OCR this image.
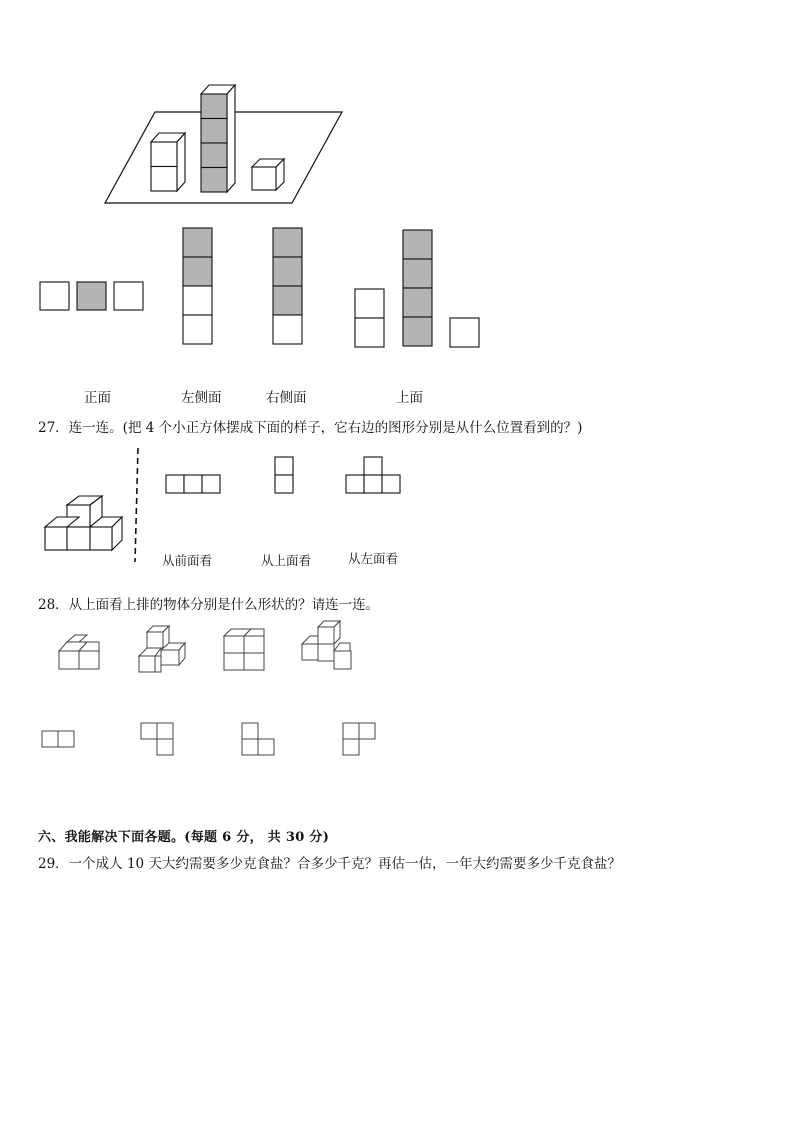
正面	左侧面	右侧面	上面
27．连一连。(把 4 个小正方体摆成下面的样子，它右边的图形分别是从什么位置看到的？)
从前面看	从上面看	从左面看
28．从上面看上排的物体分别是什么形状的？请连一连。
六、我能解决下面各题。(每题 6 分， 共 30 分)
29．一个成人 10 天大约需要多少克食盐？合多少千克？再估一估，一年大约需要多少千克食盐？
